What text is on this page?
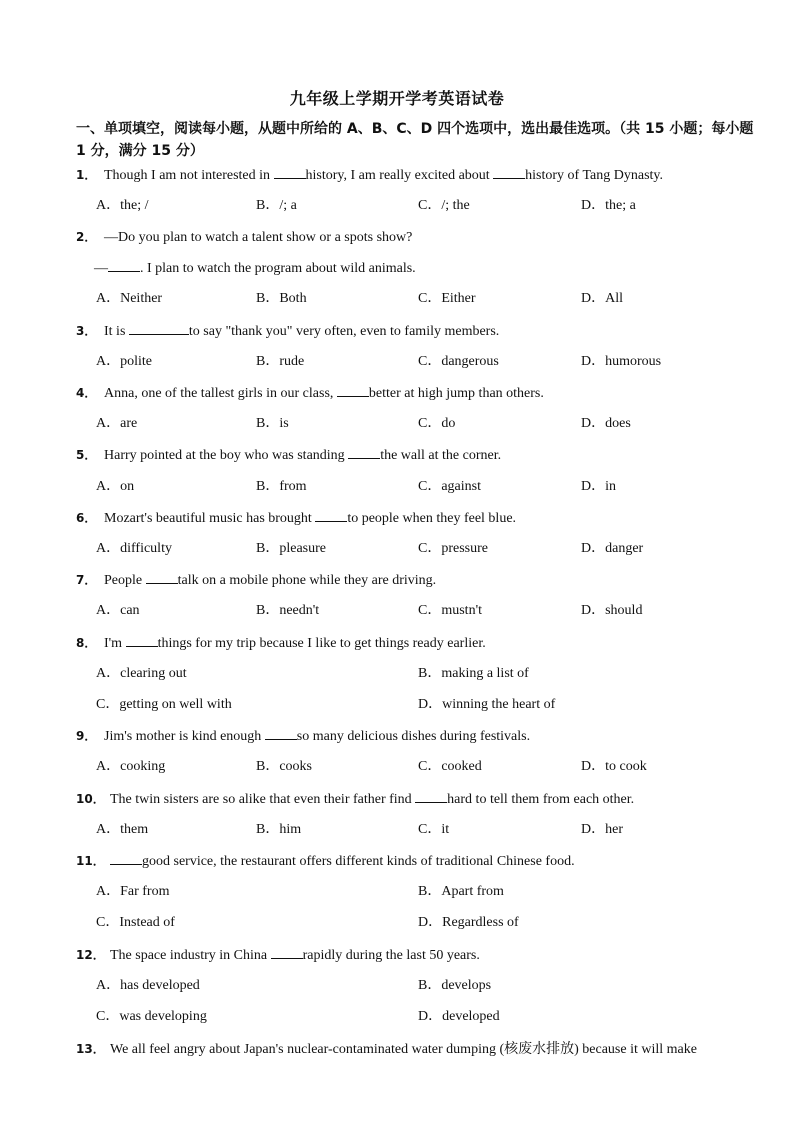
九年级上学期开学考英语试卷
一、单项填空，阅读每小题，从题中所给的 A、B、C、D 四个选项中，选出最佳选项。（共 15 小题；每小题 1 分，满分 15 分）
1． Though I am not interested in history, I am really excited about history of Tang Dynasty.
A．the; /	B．/; a	C．/; the	D．the; a
2． —Do you plan to watch a talent show or a spots show?
— . I plan to watch the program about wild animals.
A．Neither	B．Both	C．Either	D．All
3． It is	to say "thank you" very often, even to family members.
A．polite	B．rude	C．dangerous	D．humorous
4． Anna, one of the tallest girls in our class, better at high jump than others.
A．are	B．is	C．do	D．does
5． Harry pointed at the boy who was standing the wall at the corner.
A．on	B．from	C．against	D．in
6． Mozart's beautiful music has brought to people when they feel blue.
A．difficulty	B．pleasure	C．pressure	D．danger
7． People talk on a mobile phone while they are driving.
A．can	B．needn't	C．mustn't	D．should
8． I'm things for my trip because I like to get things ready earlier.
A．clearing out	B．making a list of
C．getting on well with	D．winning the heart of
9． Jim's mother is kind enough so many delicious dishes during festivals.
A．cooking	B．cooks	C．cooked	D．to cook
10． The twin sisters are so alike that even their father find hard to tell them from each other.
A．them	B．him	C．it	D．her
11．	good service, the restaurant offers different kinds of traditional Chinese food.
A．Far from	B．Apart from
C．Instead of	D．Regardless of
12． The space industry in China rapidly during the last 50 years.
A．has developed	B．develops
C．was developing	D．developed
13． We all feel angry about Japan's nuclear-contaminated water dumping (核废水排放) because it will make
